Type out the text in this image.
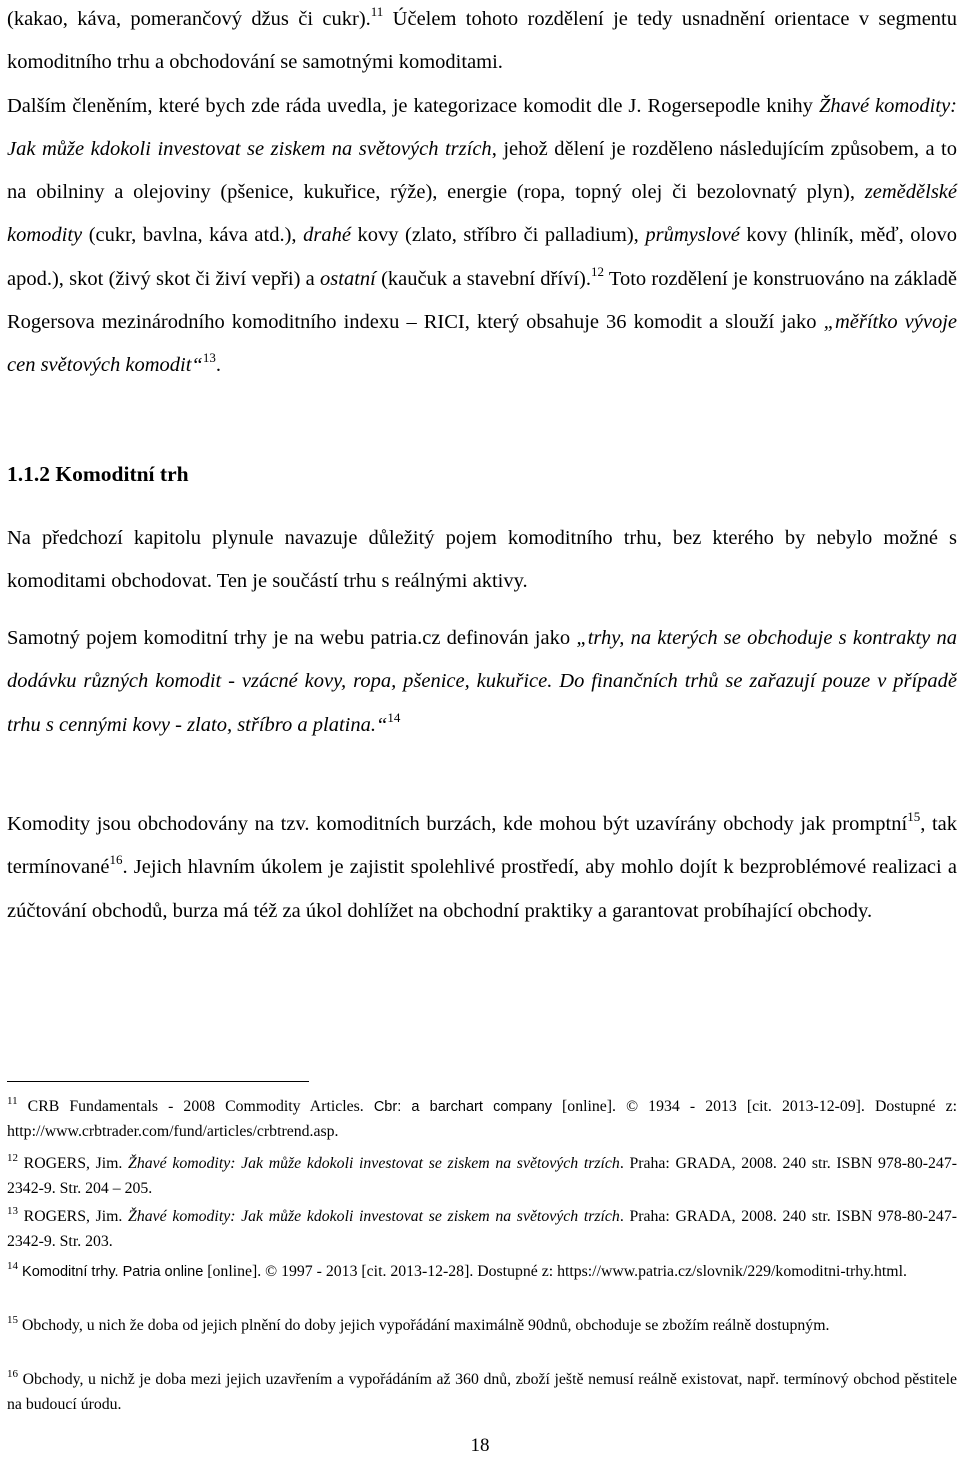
(kakao, káva, pomerančový džus či cukr).$^{11}$ Účelem tohoto rozdělení je tedy usnadnění orientace v segmentu komoditního trhu a obchodování se samotnými komoditami.
Dalším členěním, které bych zde ráda uvedla, je kategorizace komodit dle J. Rogersepodle knihy Žhavé komodity: Jak může kdokoli investovat se ziskem na světových trzích, jehož dělení je rozděleno následujícím způsobem, a to na obilniny a olejoviny (pšenice, kukuřice, rýže), energie (ropa, topný olej či bezolovnatý plyn), zemědělské komodity (cukr, bavlna, káva atd.), drahé kovy (zlato, stříbro či palladium), průmyslové kovy (hliník, měď, olovo apod.), skot (živý skot či živí vepři) a ostatní (kaučuk a stavební dříví).$^{12}$ Toto rozdělení je konstruováno na základě Rogersova mezinárodního komoditního indexu – RICI, který obsahuje 36 komodit a slouží jako „měřítko vývoje cen světových komodit“$^{13}$.

1.1.2 Komoditní trh

Na předchozí kapitolu plynule navazuje důležitý pojem komoditního trhu, bez kterého by nebylo možné s komoditami obchodovat. Ten je součástí trhu s reálnými aktivy.

Samotný pojem komoditní trhy je na webu patria.cz definován jako „trhy, na kterých se obchoduje s kontrakty na dodávku různých komodit - vzácné kovy, ropa, pšenice, kukuřice. Do finančních trhů se zařazují pouze v případě trhu s cennými kovy - zlato, stříbro a platina.“$^{14}$

Komodity jsou obchodovány na tzv. komoditních burzách, kde mohou být uzavírány obchody jak promptní$^{15}$, tak termínované$^{16}$. Jejich hlavním úkolem je zajistit spolehlivé prostředí, aby mohlo dojít k bezproblémové realizaci a zúčtování obchodů, burza má též za úkol dohlížet na obchodní praktiky a garantovat probíhající obchody.

$^{11}$ CRB Fundamentals - 2008 Commodity Articles. Cbr: a barchart company [online]. © 1934 - 2013 [cit. 2013-12-09]. Dostupné z: http://www.crbtrader.com/fund/articles/crbtrend.asp.

$^{12}$ ROGERS, Jim. Žhavé komodity: Jak může kdokoli investovat se ziskem na světových trzích. Praha: GRADA, 2008. 240 str. ISBN 978-80-247-2342-9. Str. 204 – 205.

$^{13}$ ROGERS, Jim. Žhavé komodity: Jak může kdokoli investovat se ziskem na světových trzích. Praha: GRADA, 2008. 240 str. ISBN 978-80-247-2342-9. Str. 203.

$^{14}$ Komoditní trhy. Patria online [online]. © 1997 - 2013 [cit. 2013-12-28]. Dostupné z: https://www.patria.cz/slovnik/229/komoditni-trhy.html.

$^{15}$ Obchody, u nich že doba od jejich plnění do doby jejich vypořádání maximálně 90dnů, obchoduje se zbožím reálně dostupným.

$^{16}$ Obchody, u nichž je doba mezi jejich uzavřením a vypořádáním až 360 dnů, zboží ještě nemusí reálně existovat, např. termínový obchod pěstitele na budoucí úrodu.

18
